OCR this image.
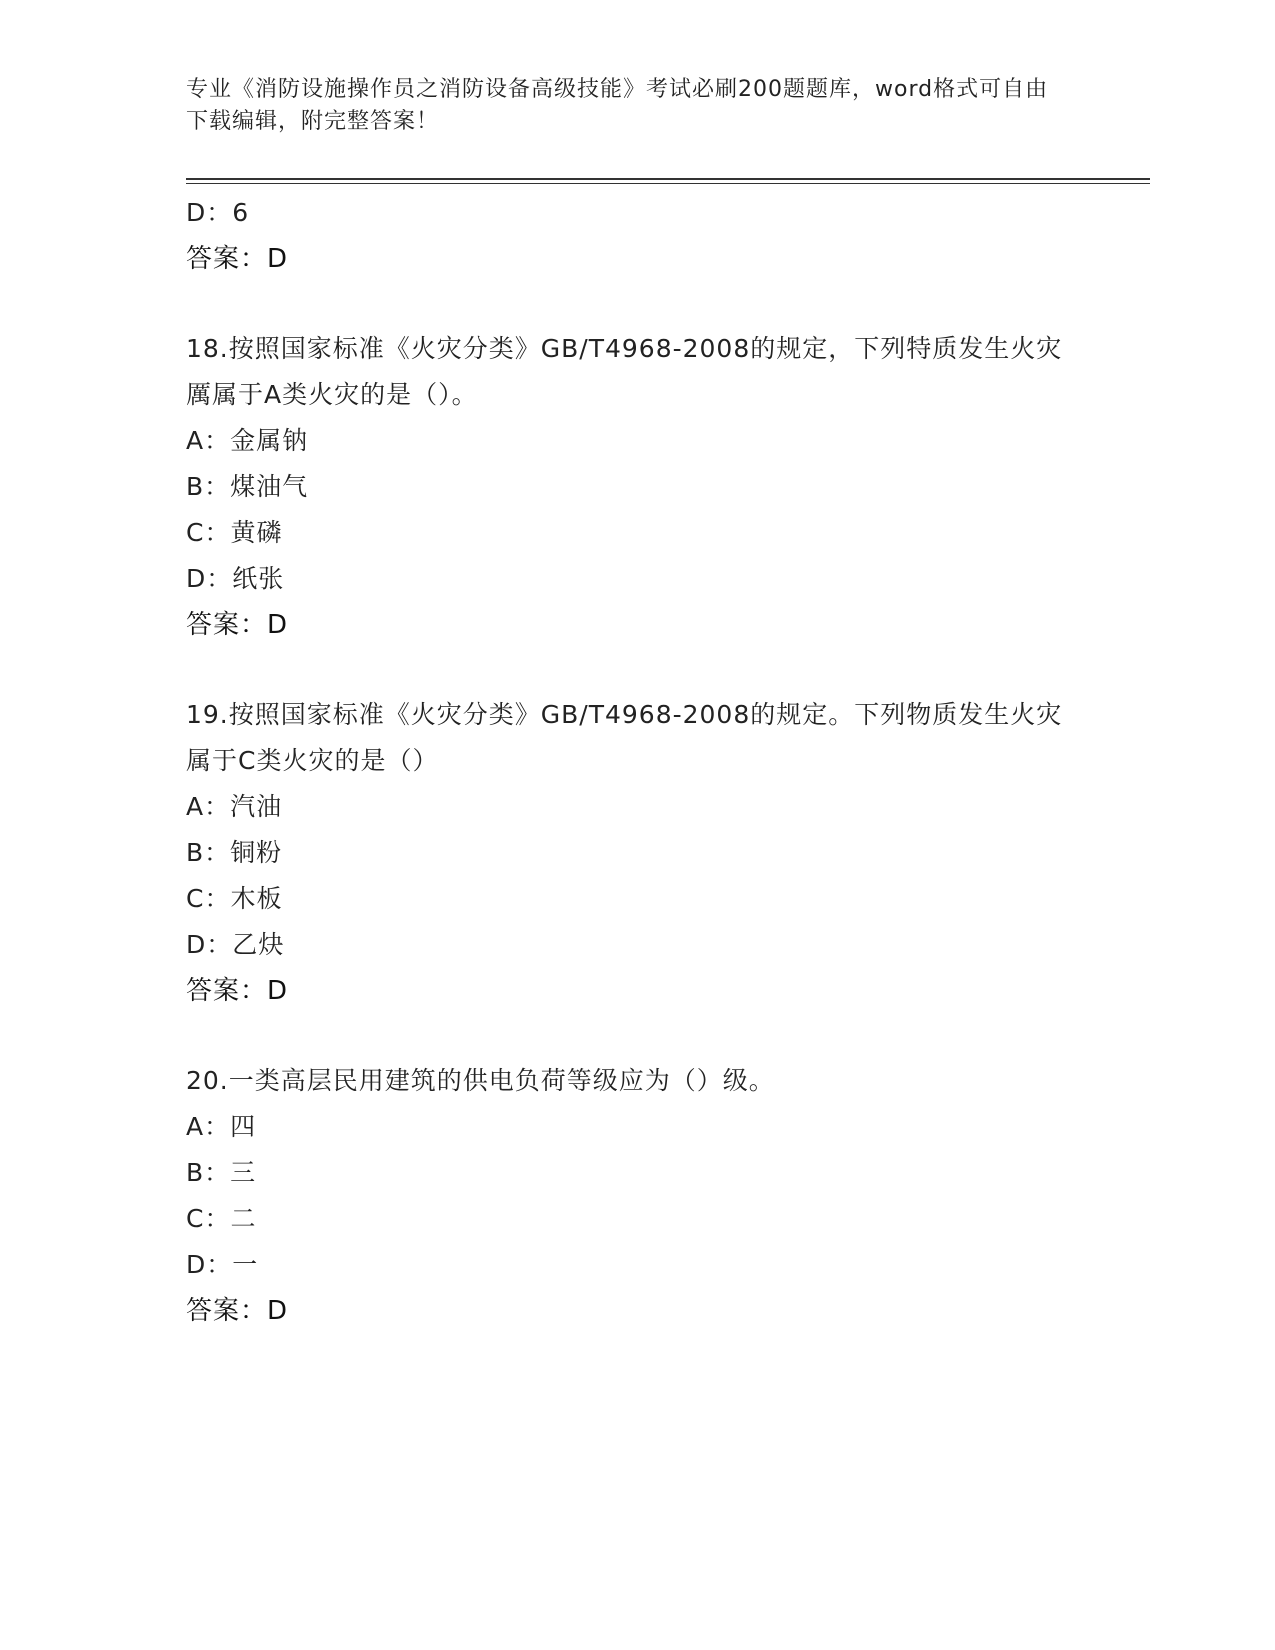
专业《消防设施操作员之消防设备高级技能》考试必刷200题题库，word格式可自由下载编辑，附完整答案！
D：6
答案：D
18.按照国家标准《火灾分类》GB/T4968-2008的规定，下列特质发生火灾厲属于A类火灾的是（）。
A：金属钠
B：煤油气
C：黄磷
D：纸张
答案：D
19.按照国家标准《火灾分类》GB/T4968-2008的规定。下列物质发生火灾属于C类火灾的是（）
A：汽油
B：铜粉
C：木板
D：乙炔
答案：D
20.一类高层民用建筑的供电负荷等级应为（）级。
A：四
B：三
C：二
D：一
答案：D
